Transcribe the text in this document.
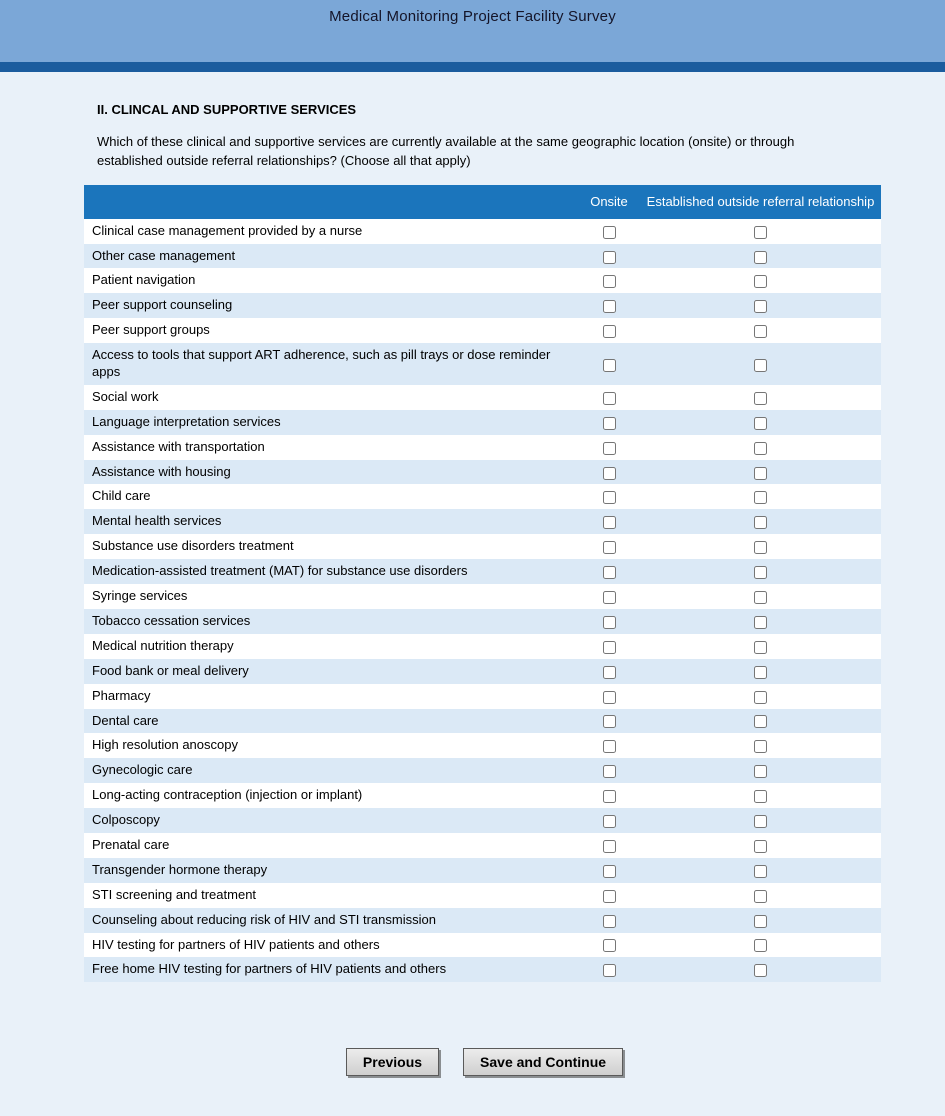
Medical Monitoring Project Facility Survey
II. CLINCAL AND SUPPORTIVE SERVICES
Which of these clinical and supportive services are currently available at the same geographic location (onsite) or through established outside referral relationships? (Choose all that apply)
	Onsite	Established outside referral relationship
Clinical case management provided by a nurse		
Other case management		
Patient navigation		
Peer support counseling		
Peer support groups		
Access to tools that support ART adherence, such as pill trays or dose reminder apps		
Social work		
Language interpretation services		
Assistance with transportation		
Assistance with housing		
Child care		
Mental health services		
Substance use disorders treatment		
Medication-assisted treatment (MAT) for substance use disorders		
Syringe services		
Tobacco cessation services		
Medical nutrition therapy		
Food bank or meal delivery		
Pharmacy		
Dental care		
High resolution anoscopy		
Gynecologic care		
Long-acting contraception (injection or implant)		
Colposcopy		
Prenatal care		
Transgender hormone therapy		
STI screening and treatment		
Counseling about reducing risk of HIV and STI transmission		
HIV testing for partners of HIV patients and others		
Free home HIV testing for partners of HIV patients and others		
Previous	Save and Continue
